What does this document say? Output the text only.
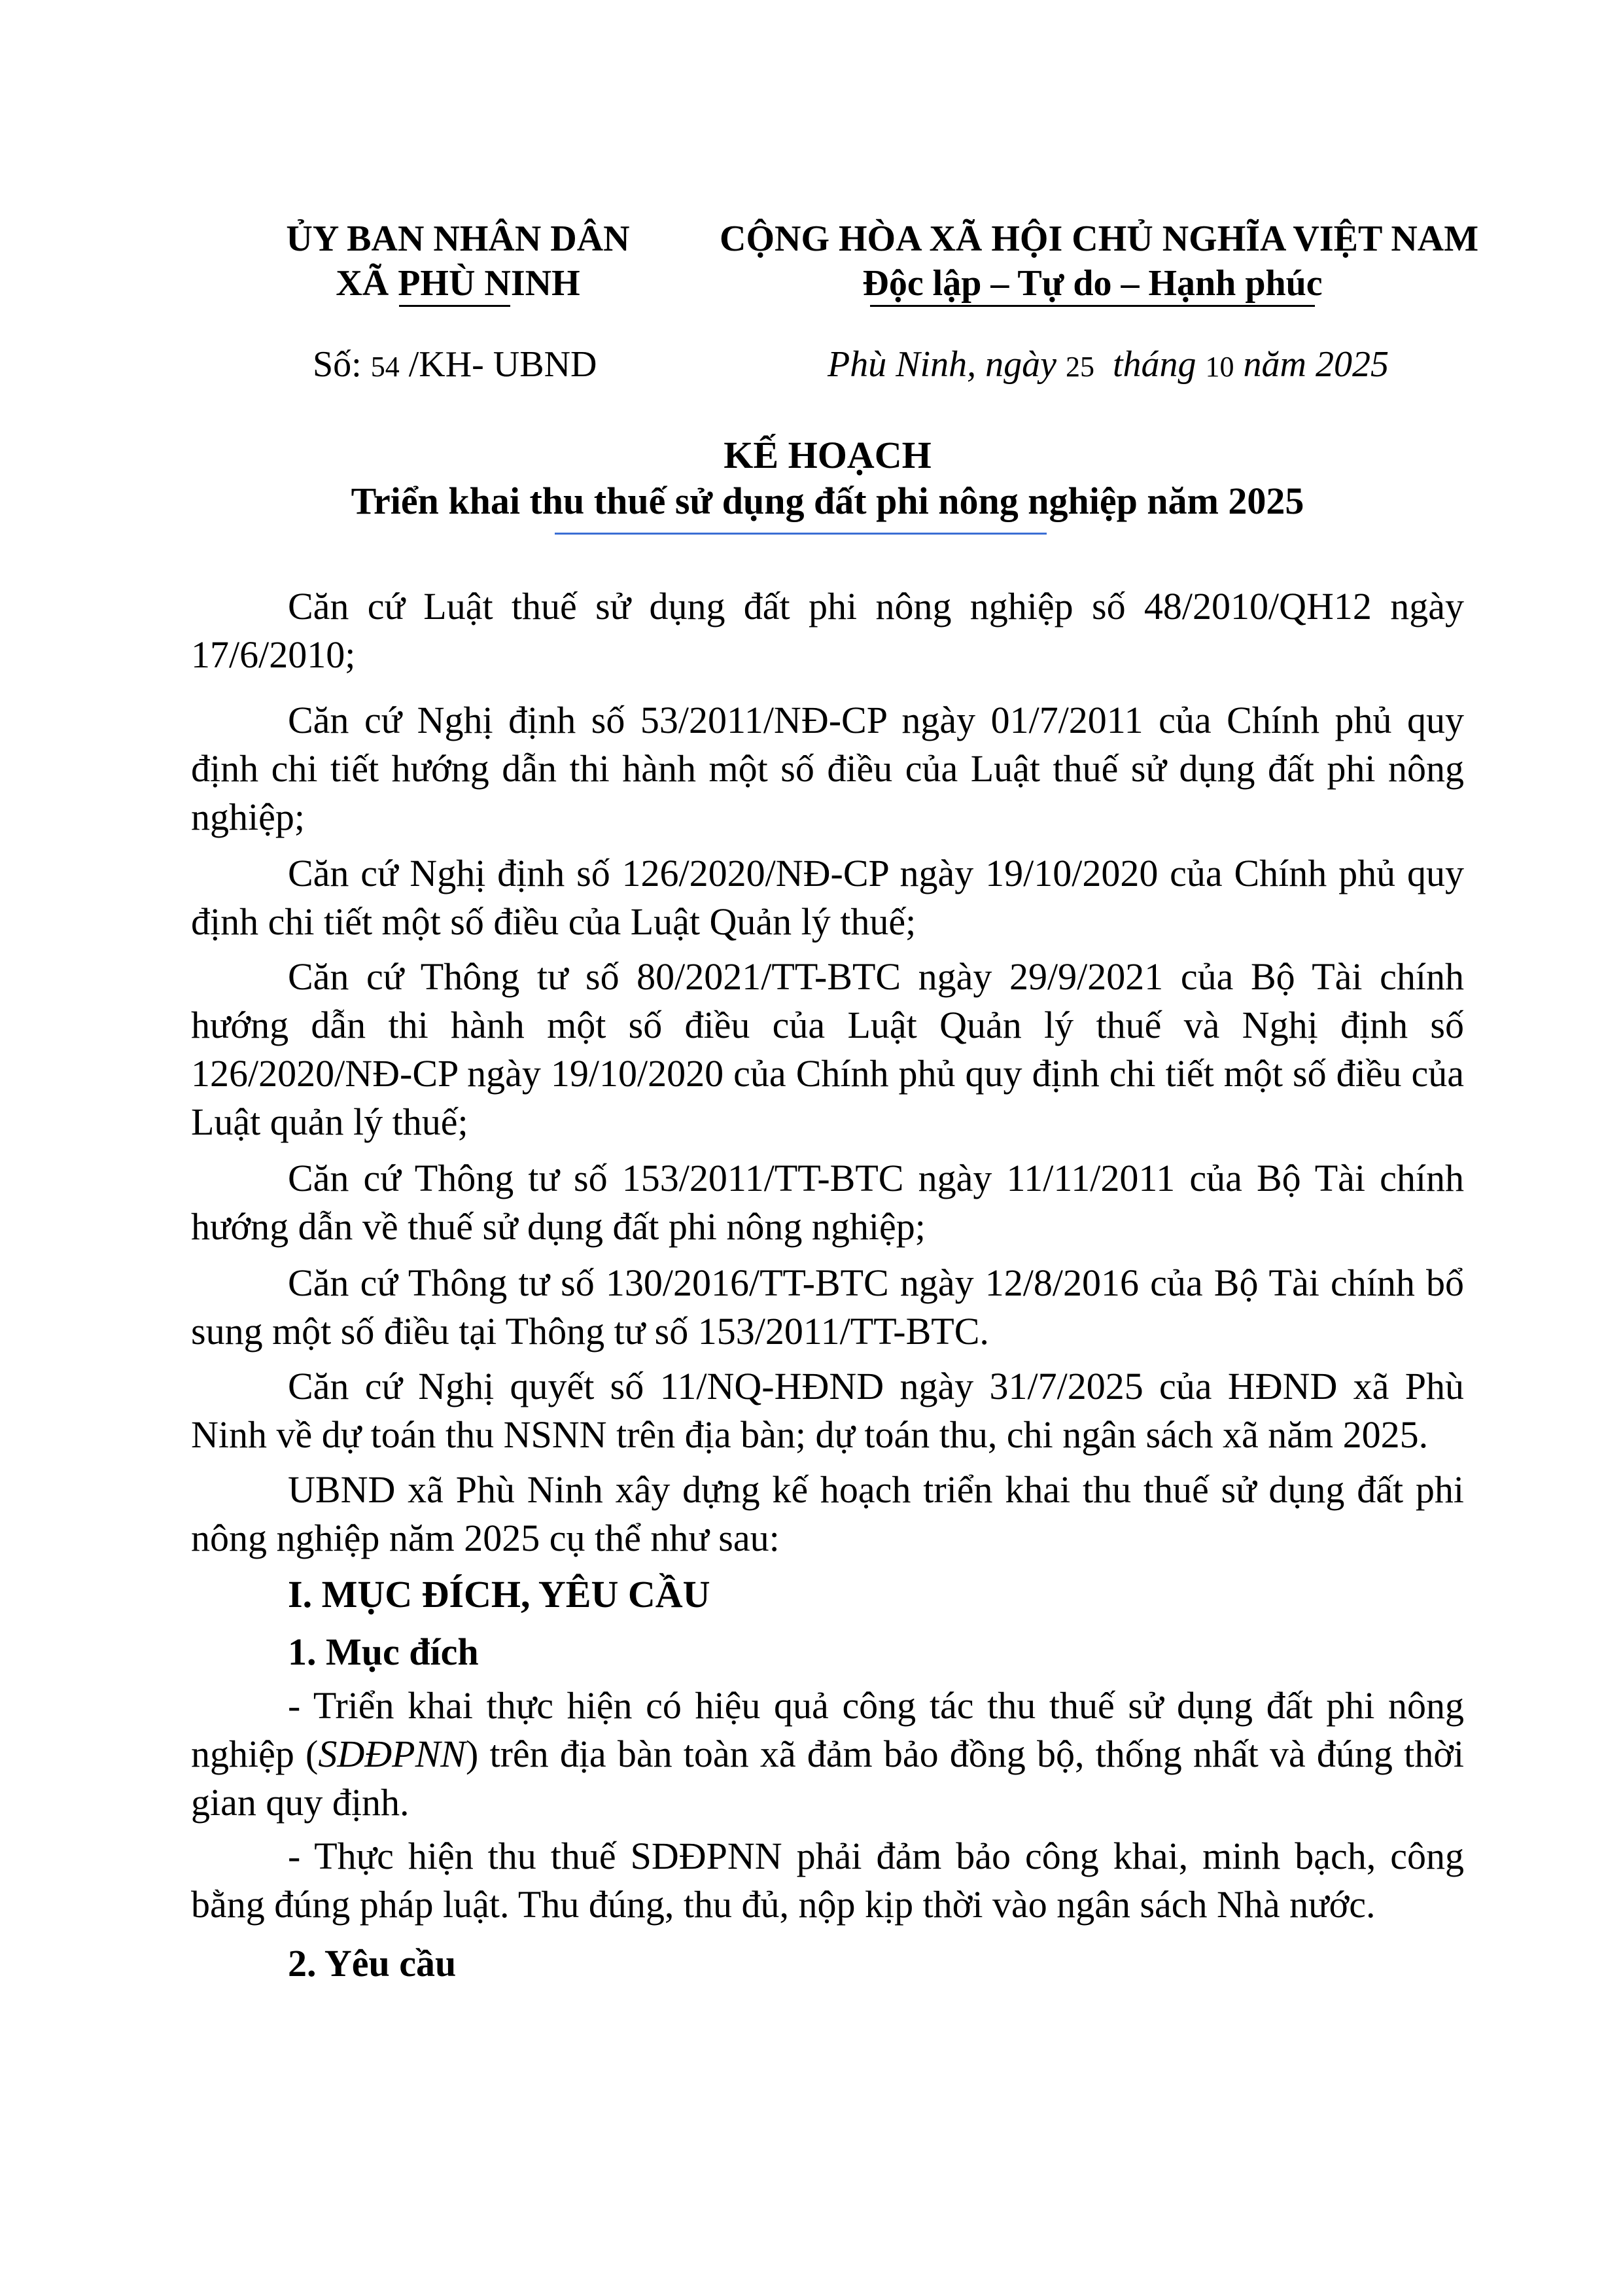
ỦY BAN NHÂN DÂN
XÃ PHÙ NINH
CỘNG HÒA XÃ HỘI CHỦ NGHĨA VIỆT NAM
Độc lập – Tự do – Hạnh phúc
Số: 54 /KH- UBND	Phù Ninh, ngày 25 tháng 10 năm 2025
KẾ HOẠCH
Triển khai thu thuế sử dụng đất phi nông nghiệp năm 2025
Căn cứ Luật thuế sử dụng đất phi nông nghiệp số 48/2010/QH12 ngày 17/6/2010;
Căn cứ Nghị định số 53/2011/NĐ-CP ngày 01/7/2011 của Chính phủ quy định chi tiết hướng dẫn thi hành một số điều của Luật thuế sử dụng đất phi nông nghiệp;
Căn cứ Nghị định số 126/2020/NĐ-CP ngày 19/10/2020 của Chính phủ quy định chi tiết một số điều của Luật Quản lý thuế;
Căn cứ Thông tư số 80/2021/TT-BTC ngày 29/9/2021 của Bộ Tài chính hướng dẫn thi hành một số điều của Luật Quản lý thuế và Nghị định số 126/2020/NĐ-CP ngày 19/10/2020 của Chính phủ quy định chi tiết một số điều của Luật quản lý thuế;
Căn cứ Thông tư số 153/2011/TT-BTC ngày 11/11/2011 của Bộ Tài chính hướng dẫn về thuế sử dụng đất phi nông nghiệp;
Căn cứ Thông tư số 130/2016/TT-BTC ngày 12/8/2016 của Bộ Tài chính bổ sung một số điều tại Thông tư số 153/2011/TT-BTC.
Căn cứ Nghị quyết số 11/NQ-HĐND ngày 31/7/2025 của HĐND xã Phù Ninh về dự toán thu NSNN trên địa bàn; dự toán thu, chi ngân sách xã năm 2025.
UBND xã Phù Ninh xây dựng kế hoạch triển khai thu thuế sử dụng đất phi nông nghiệp năm 2025 cụ thể như sau:
I. MỤC ĐÍCH, YÊU CẦU
1. Mục đích
- Triển khai thực hiện có hiệu quả công tác thu thuế sử dụng đất phi nông nghiệp (SDĐPNN) trên địa bàn toàn xã đảm bảo đồng bộ, thống nhất và đúng thời gian quy định.
- Thực hiện thu thuế SDĐPNN phải đảm bảo công khai, minh bạch, công bằng đúng pháp luật. Thu đúng, thu đủ, nộp kịp thời vào ngân sách Nhà nước.
2. Yêu cầu
